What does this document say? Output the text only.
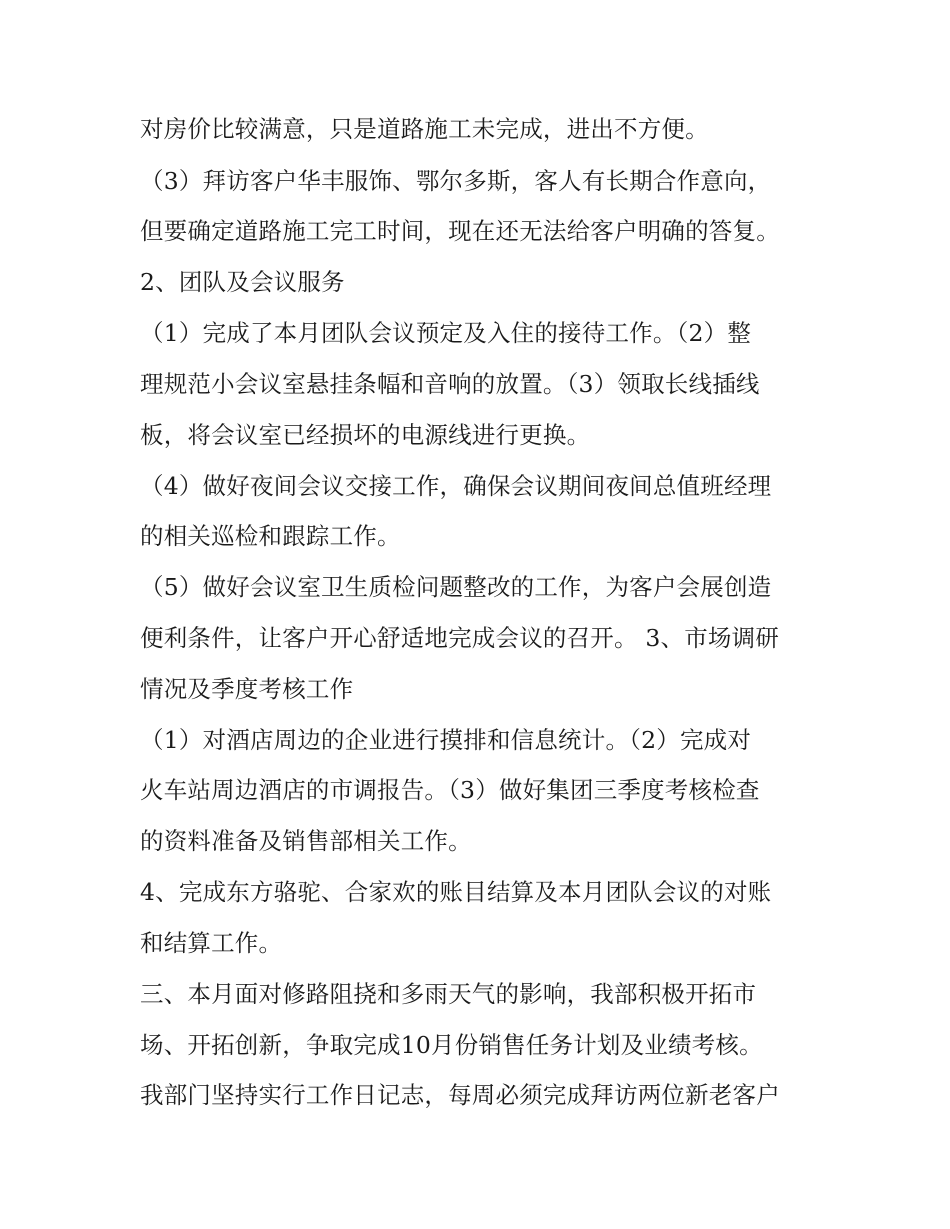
对房价比较满意，只是道路施工未完成，进出不方便。
（3）拜访客户华丰服饰、鄂尔多斯，客人有长期合作意向，
但要确定道路施工完工时间，现在还无法给客户明确的答复。
2、团队及会议服务
（1）完成了本月团队会议预定及入住的接待工作。（2）整
理规范小会议室悬挂条幅和音响的放置。（3）领取长线插线
板，将会议室已经损坏的电源线进行更换。
（4）做好夜间会议交接工作，确保会议期间夜间总值班经理
的相关巡检和跟踪工作。
（5）做好会议室卫生质检问题整改的工作，为客户会展创造
便利条件，让客户开心舒适地完成会议的召开。 3、市场调研
情况及季度考核工作
（1）对酒店周边的企业进行摸排和信息统计。（2）完成对
火车站周边酒店的市调报告。（3）做好集团三季度考核检查
的资料准备及销售部相关工作。
4、完成东方骆驼、合家欢的账目结算及本月团队会议的对账
和结算工作。
三、本月面对修路阻挠和多雨天气的影响，我部积极开拓市
场、开拓创新，争取完成10月份销售任务计划及业绩考核。
我部门坚持实行工作日记志，每周必须完成拜访两位新老客户
